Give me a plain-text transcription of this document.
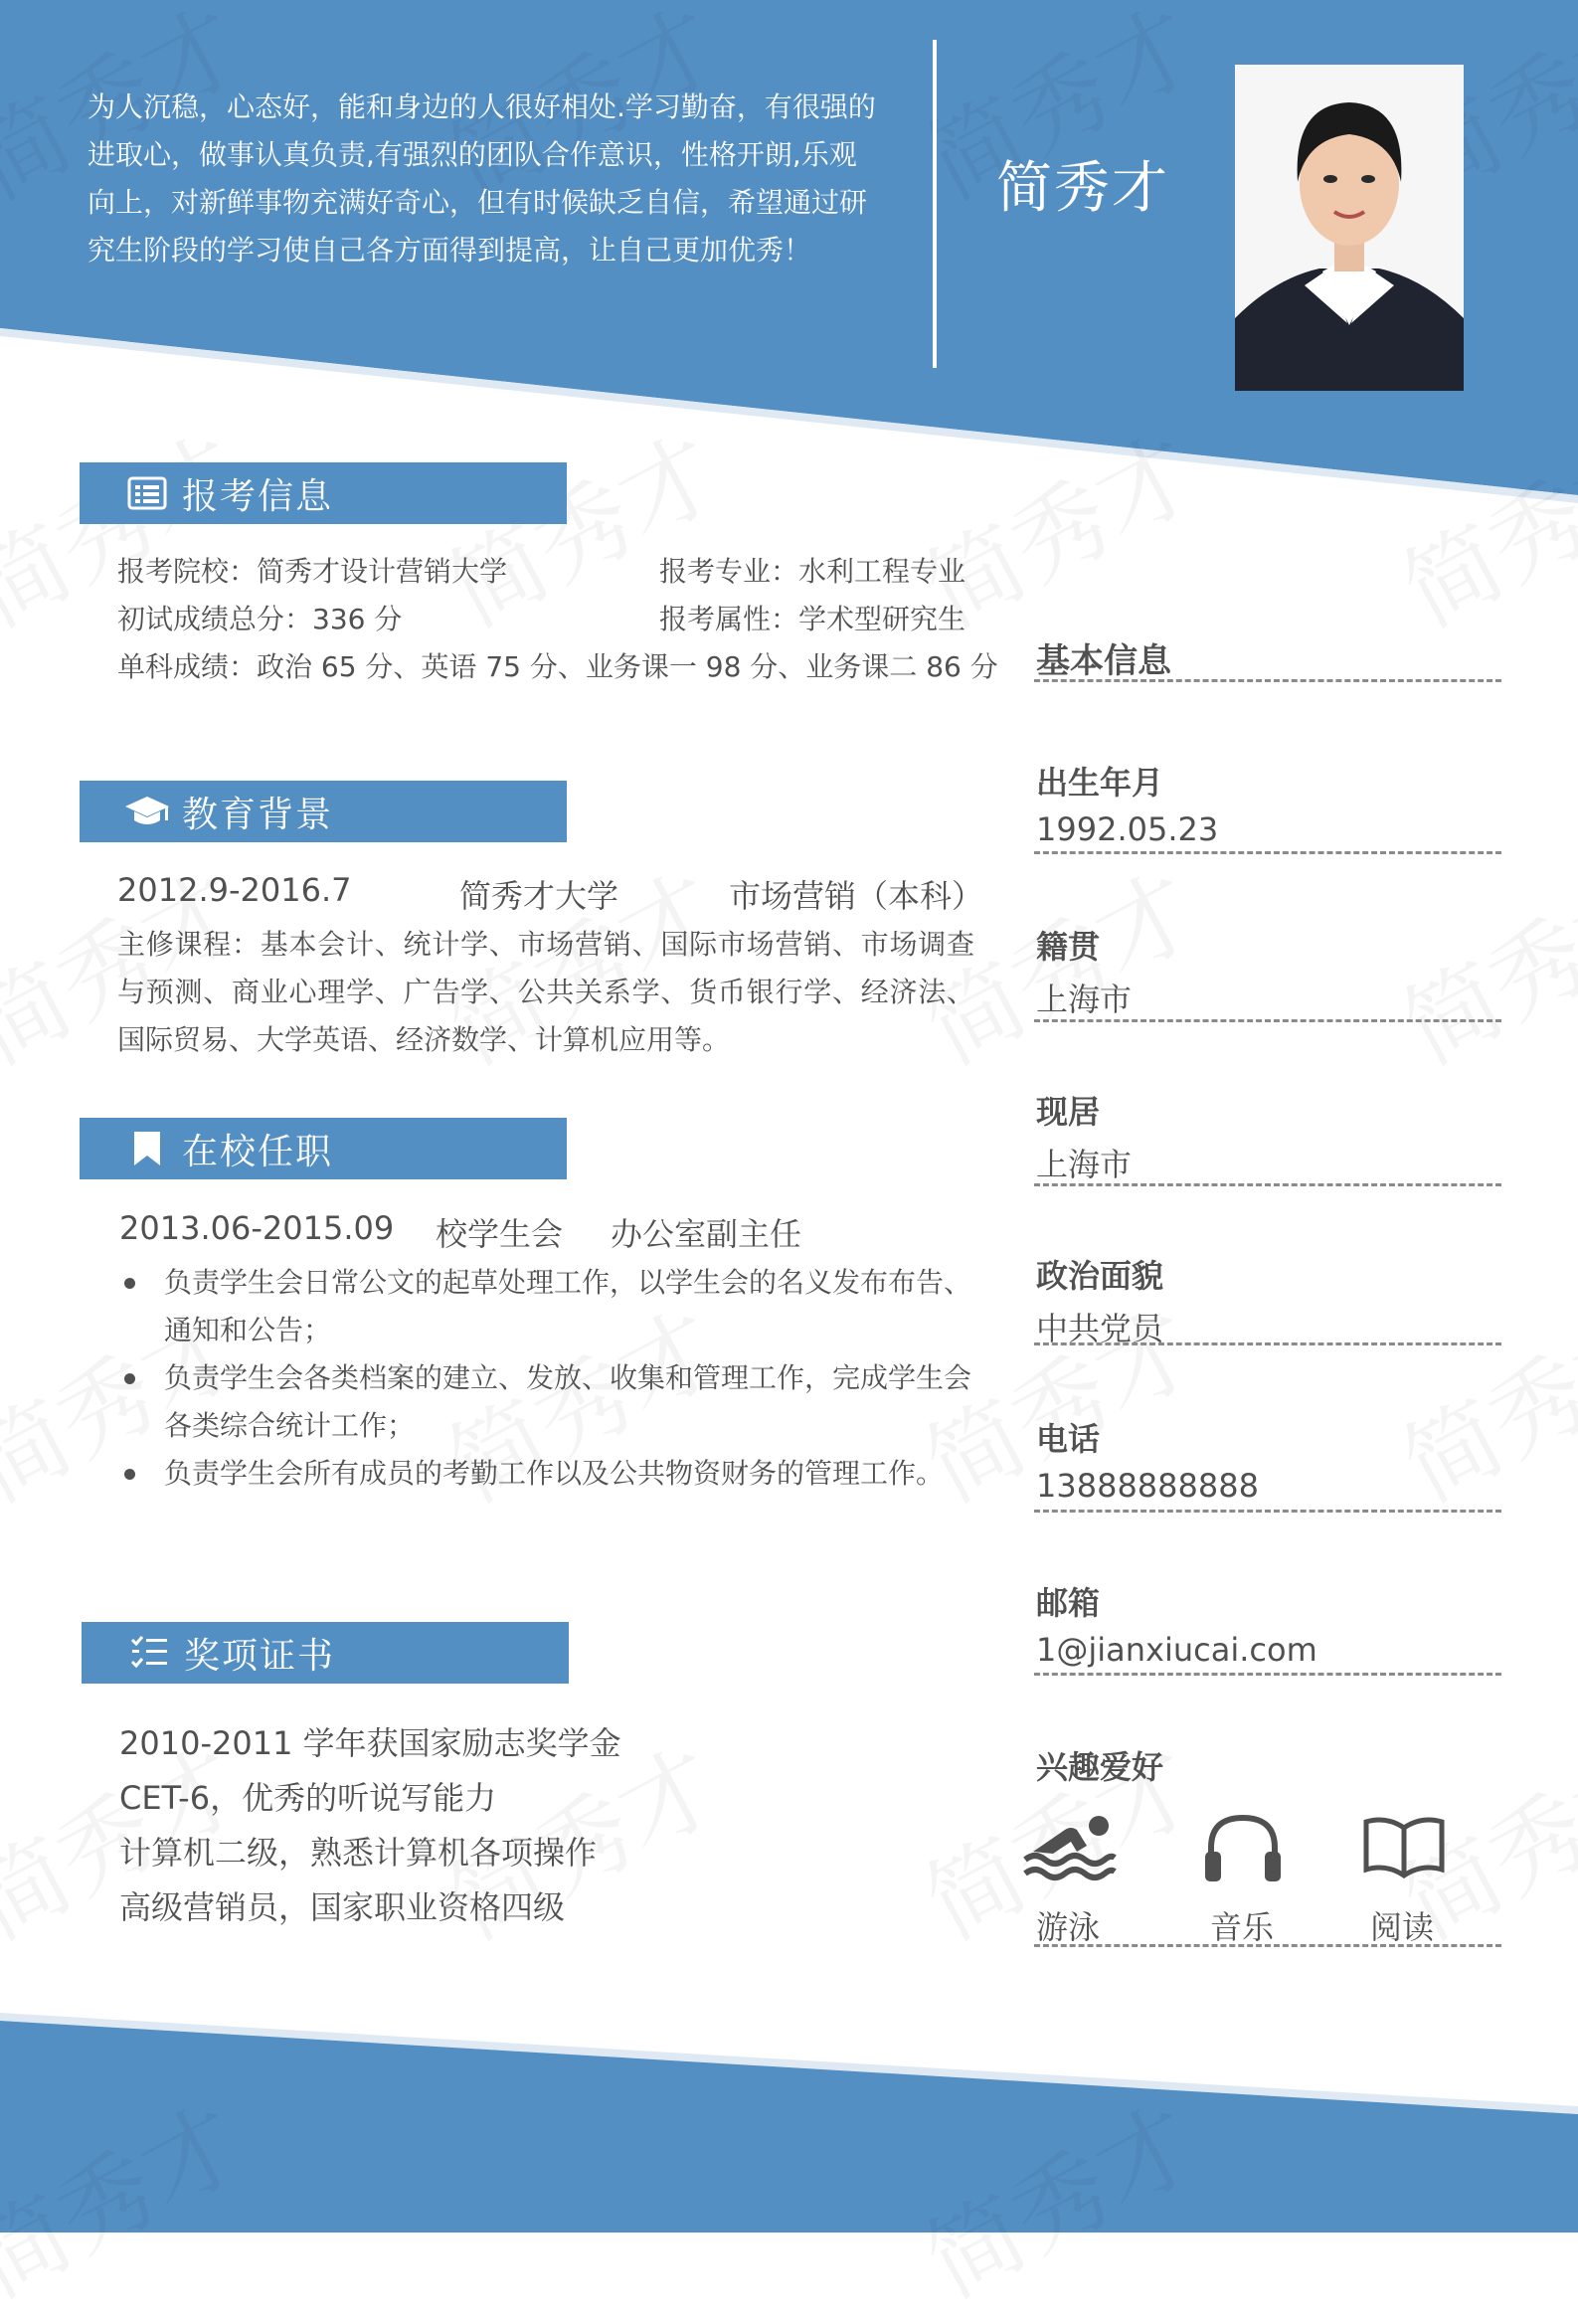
为人沉稳，心态好，能和身边的人很好相处.学习勤奋，有很强的进取心，做事认真负责,有强烈的团队合作意识，性格开朗,乐观向上，对新鲜事物充满好奇心，但有时候缺乏自信，希望通过研究生阶段的学习使自己各方面得到提高，让自己更加优秀！
简秀才
报考信息
报考院校：简秀才设计营销大学	报考专业：水利工程专业
初试成绩总分：336 分	报考属性：学术型研究生
单科成绩：政治 65 分、英语 75 分、业务课一 98 分、业务课二 86 分
教育背景
2012.9-2016.7	简秀才大学	市场营销（本科）
主修课程：基本会计、统计学、市场营销、国际市场营销、市场调查与预测、商业心理学、广告学、公共关系学、货币银行学、经济法、国际贸易、大学英语、经济数学、计算机应用等。
在校任职
2013.06-2015.09 校学生会 办公室副主任
负责学生会日常公文的起草处理工作，以学生会的名义发布布告、通知和公告；
负责学生会各类档案的建立、发放、收集和管理工作，完成学生会各类综合统计工作；
负责学生会所有成员的考勤工作以及公共物资财务的管理工作。
奖项证书
2010-2011 学年获国家励志奖学金
CET-6，优秀的听说写能力
计算机二级，熟悉计算机各项操作
高级营销员，国家职业资格四级
基本信息
出生年月
1992.05.23
籍贯
上海市
现居
上海市
政治面貌
中共党员
电话
13888888888
邮箱
1@jianxiucai.com
兴趣爱好
游泳	音乐	阅读
